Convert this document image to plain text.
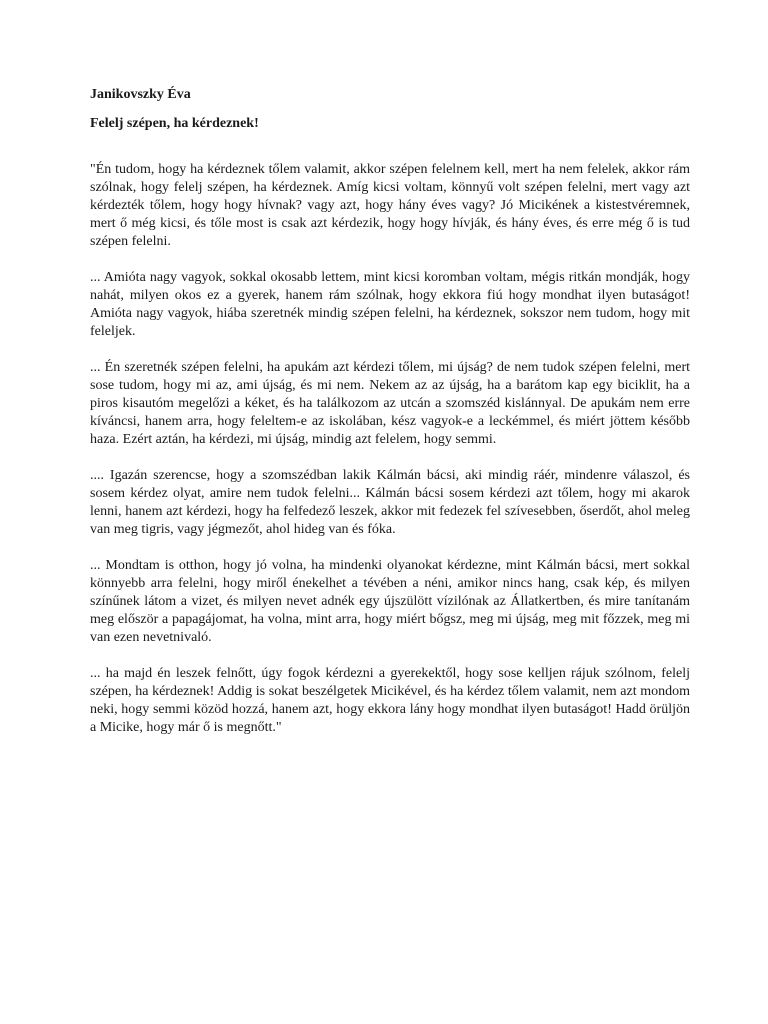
Janikovszky Éva

Felelj szépen, ha kérdeznek!

"Én tudom, hogy ha kérdeznek tőlem valamit, akkor szépen felelnem kell, mert ha nem felelek, akkor rám szólnak, hogy felelj szépen, ha kérdeznek. Amíg kicsi voltam, könnyű volt szépen felelni, mert vagy azt kérdezték tőlem, hogy hogy hívnak? vagy azt, hogy hány éves vagy? Jó Micikének a kistestvéremnek, mert ő még kicsi, és tőle most is csak azt kérdezik, hogy hogy hívják, és hány éves, és erre még ő is tud szépen felelni.

... Amióta nagy vagyok, sokkal okosabb lettem, mint kicsi koromban voltam, mégis ritkán mondják, hogy nahát, milyen okos ez a gyerek, hanem rám szólnak, hogy ekkora fiú hogy mondhat ilyen butaságot! Amióta nagy vagyok, hiába szeretnék mindig szépen felelni, ha kérdeznek, sokszor nem tudom, hogy mit feleljek.

... Én szeretnék szépen felelni, ha apukám azt kérdezi tőlem, mi újság? de nem tudok szépen felelni, mert sose tudom, hogy mi az, ami újság, és mi nem. Nekem az az újság, ha a barátom kap egy biciklit, ha a piros kisautóm megelőzi a kéket, és ha találkozom az utcán a szomszéd kislánnyal. De apukám nem erre kíváncsi, hanem arra, hogy feleltem-e az iskolában, kész vagyok-e a leckémmel, és miért jöttem később haza. Ezért aztán, ha kérdezi, mi újság, mindig azt felelem, hogy semmi.

.... Igazán szerencse, hogy a szomszédban lakik Kálmán bácsi, aki mindig ráér, mindenre válaszol, és sosem kérdez olyat, amire nem tudok felelni... Kálmán bácsi sosem kérdezi azt tőlem, hogy mi akarok lenni, hanem azt kérdezi, hogy ha felfedező leszek, akkor mit fedezek fel szívesebben, őserdőt, ahol meleg van meg tigris, vagy jégmezőt, ahol hideg van és fóka.

... Mondtam is otthon, hogy jó volna, ha mindenki olyanokat kérdezne, mint Kálmán bácsi, mert sokkal könnyebb arra felelni, hogy miről énekelhet a tévében a néni, amikor nincs hang, csak kép, és milyen színűnek látom a vizet, és milyen nevet adnék egy újszülött vízilónak az Állatkertben, és mire tanítanám meg először a papagájomat, ha volna, mint arra, hogy miért bőgsz, meg mi újság, meg mit főzzek, meg mi van ezen nevetnivaló.

... ha majd én leszek felnőtt, úgy fogok kérdezni a gyerekektől, hogy sose kelljen rájuk szólnom, felelj szépen, ha kérdeznek! Addig is sokat beszélgetek Micikével, és ha kérdez tőlem valamit, nem azt mondom neki, hogy semmi közöd hozzá, hanem azt, hogy ekkora lány hogy mondhat ilyen butaságot! Hadd örüljön a Micike, hogy már ő is megnőtt."
